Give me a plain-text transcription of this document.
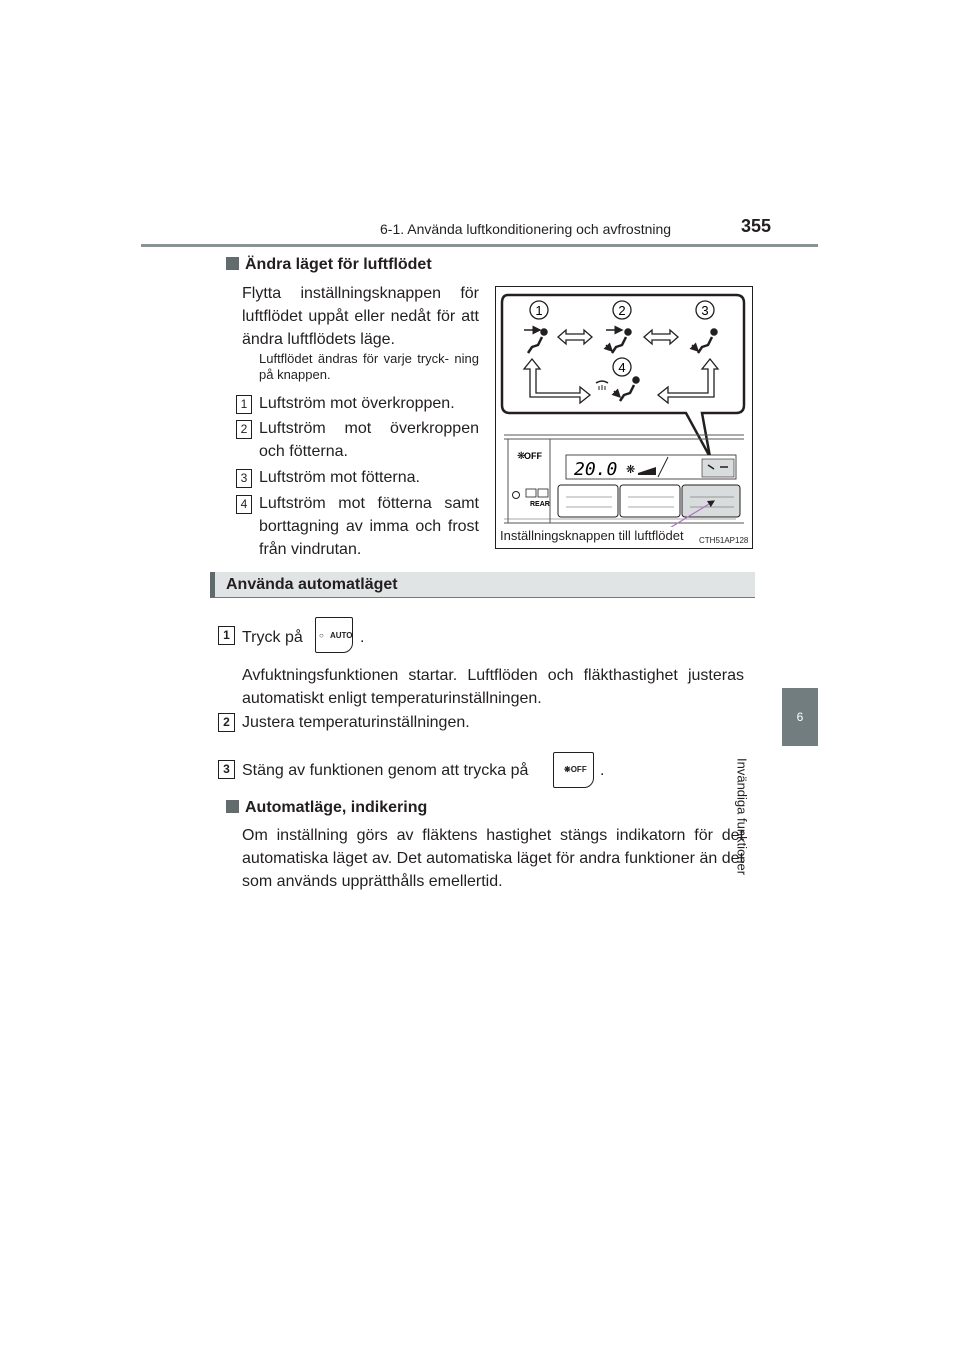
6-1. Använda luftkonditionering och avfrostning	355
6
Invändiga funktioner
Ändra läget för luftflödet
Flytta inställningsknappen för luftflödet uppåt eller nedåt för att ändra luftflödets läge.
Luftflödet ändras för varje tryck- ning på knappen.
1 Luftström mot överkroppen.
2 Luftström mot överkroppen och fötterna.
3 Luftström mot fötterna.
4 Luftström mot fötterna samt borttagning av imma och frost från vindrutan.
1	2	3
4
OFF
❋
REAR
20.0 ❋
Inställningsknappen till luftflödet CTH51AP128
Använda automatläget
1 Tryck på ○ AUTO .
Avfuktningsfunktionen startar. Luftflöden och fläkthastighet justeras automatiskt enligt temperaturinställningen.
2 Justera temperaturinställningen.
3 Stäng av funktionen genom att trycka på	❋OFF .
Automatläge, indikering
Om inställning görs av fläktens hastighet stängs indikatorn för det automatiska läget av. Det automatiska läget för andra funktioner än det som används upprätthålls emellertid.
